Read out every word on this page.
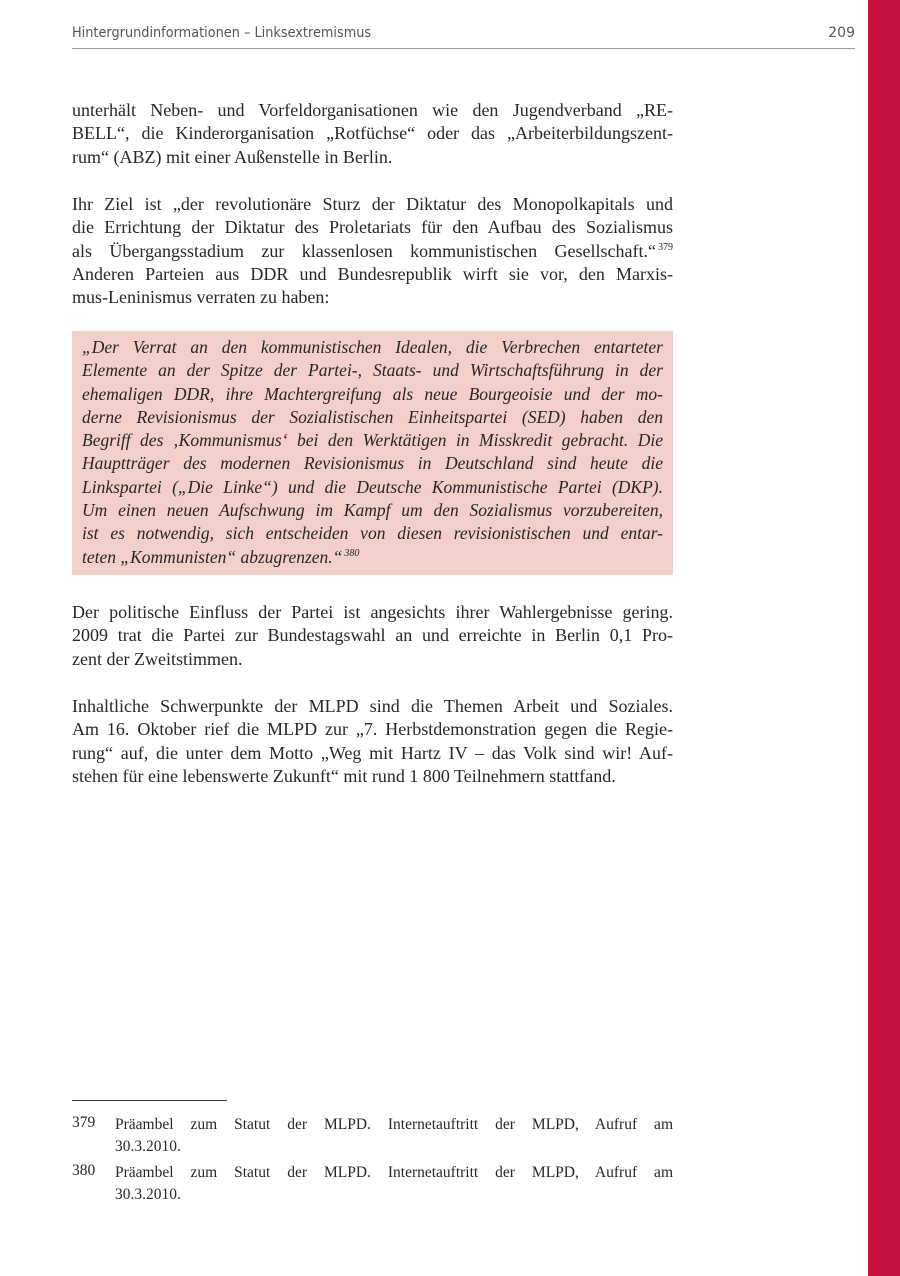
Hintergrundinformationen – Linksextremismus	209
unterhält Neben- und Vorfeldorganisationen wie den Jugendverband „RE-
BELL“, die Kinderorganisation „Rotfüchse“ oder das „Arbeiterbildungszent-
rum“ (ABZ) mit einer Außenstelle in Berlin.
Ihr Ziel ist „der revolutionäre Sturz der Diktatur des Monopolkapitals und
die Errichtung der Diktatur des Proletariats für den Aufbau des Sozialismus
als Übergangsstadium zur klassenlosen kommunistischen Gesellschaft.“ $^{379}$
Anderen Parteien aus DDR und Bundesrepublik wirft sie vor, den Marxis-
mus-Leninismus verraten zu haben:
„Der Verrat an den kommunistischen Idealen, die Verbrechen entarteter
Elemente an der Spitze der Partei-, Staats- und Wirtschaftsführung in der
ehemaligen DDR, ihre Machtergreifung als neue Bourgeoisie und der mo-
derne Revisionismus der Sozialistischen Einheitspartei (SED) haben den
Begriff des ‚Kommunismus‘ bei den Werktätigen in Misskredit gebracht. Die
Hauptträger des modernen Revisionismus in Deutschland sind heute die
Linkspartei („Die Linke“) und die Deutsche Kommunistische Partei (DKP).
Um einen neuen Aufschwung im Kampf um den Sozialismus vorzubereiten,
ist es notwendig, sich entscheiden von diesen revisionistischen und entar-
teten „Kommunisten“ abzugrenzen.“ $^{380}$
Der politische Einfluss der Partei ist angesichts ihrer Wahlergebnisse gering.
2009 trat die Partei zur Bundestagswahl an und erreichte in Berlin 0,1 Pro-
zent der Zweitstimmen.
Inhaltliche Schwerpunkte der MLPD sind die Themen Arbeit und Soziales.
Am 16. Oktober rief die MLPD zur „7. Herbstdemonstration gegen die Regie-
rung“ auf, die unter dem Motto „Weg mit Hartz IV – das Volk sind wir! Auf-
stehen für eine lebenswerte Zukunft“ mit rund 1 800 Teilnehmern stattfand.
379 Präambel zum Statut der MLPD. Internetauftritt der MLPD, Aufruf am
30.3.2010.
380 Präambel zum Statut der MLPD. Internetauftritt der MLPD, Aufruf am
30.3.2010.
